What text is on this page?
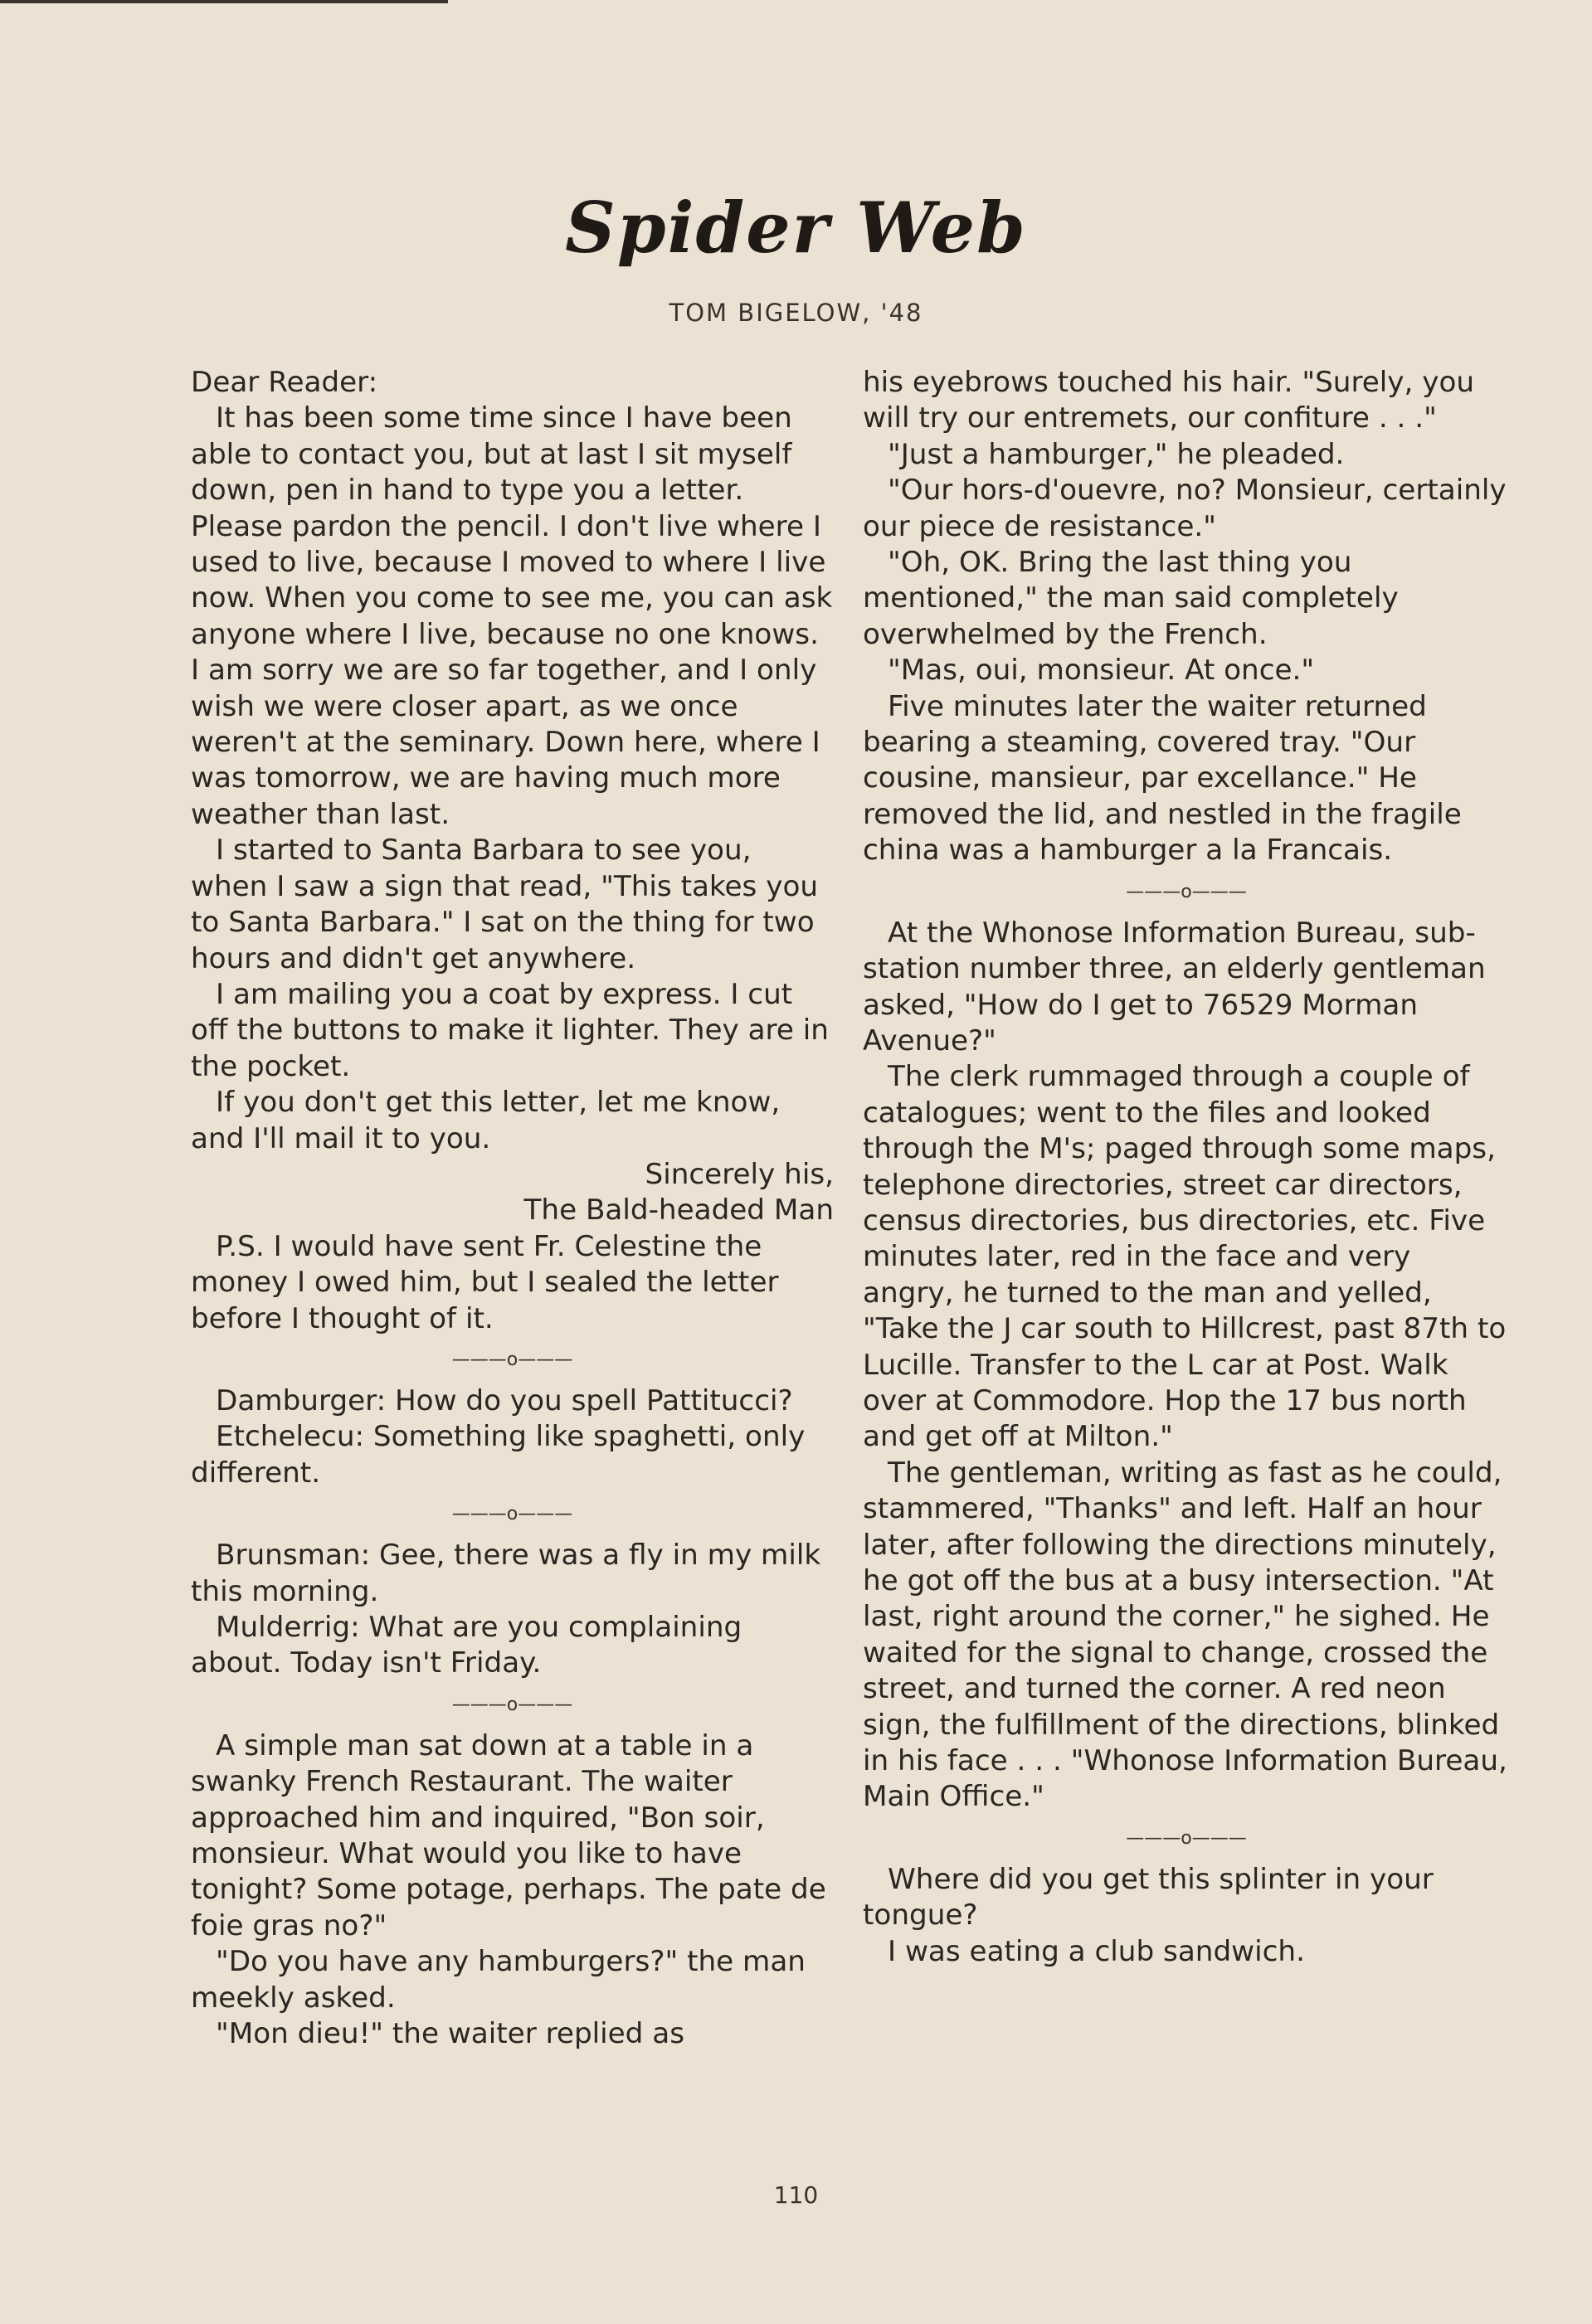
Spider Web
TOM BIGELOW, '48

Dear Reader:

It has been some time since I have been able to contact you, but at last I sit myself down, pen in hand to type you a letter. Please pardon the pencil. I don't live where I used to live, because I moved to where I live now. When you come to see me, you can ask anyone where I live, because no one knows. I am sorry we are so far together, and I only wish we were closer apart, as we once weren't at the seminary. Down here, where I was tomorrow, we are having much more weather than last.

I started to Santa Barbara to see you, when I saw a sign that read, "This takes you to Santa Barbara." I sat on the thing for two hours and didn't get anywhere.

I am mailing you a coat by express. I cut off the buttons to make it lighter. They are in the pocket.

If you don't get this letter, let me know, and I'll mail it to you.

Sincerely his,

The Bald-headed Man

P.S. I would have sent Fr. Celestine the money I owed him, but I sealed the letter before I thought of it.

———o———

Damburger: How do you spell Pattitucci?

Etchelecu: Something like spaghetti, only different.

———o———

Brunsman: Gee, there was a fly in my milk this morning.

Mulderrig: What are you complaining about. Today isn't Friday.

———o———

A simple man sat down at a table in a swanky French Restaurant. The waiter approached him and inquired, "Bon soir, monsieur. What would you like to have tonight? Some potage, perhaps. The pate de foie gras no?"

"Do you have any hamburgers?" the man meekly asked.

"Mon dieu!" the waiter replied as

his eyebrows touched his hair. "Surely, you will try our entremets, our confiture . . ."

"Just a hamburger," he pleaded.

"Our hors-d'ouevre, no? Monsieur, certainly our piece de resistance."

"Oh, OK. Bring the last thing you mentioned," the man said completely overwhelmed by the French.

"Mas, oui, monsieur. At once."

Five minutes later the waiter returned bearing a steaming, covered tray. "Our cousine, mansieur, par excellance." He removed the lid, and nestled in the fragile china was a hamburger a la Francais.

———o———

At the Whonose Information Bureau, sub-station number three, an elderly gentleman asked, "How do I get to 76529 Morman Avenue?"

The clerk rummaged through a couple of catalogues; went to the files and looked through the M's; paged through some maps, telephone directories, street car directors, census directories, bus directories, etc. Five minutes later, red in the face and very angry, he turned to the man and yelled, "Take the J car south to Hillcrest, past 87th to Lucille. Transfer to the L car at Post. Walk over at Commodore. Hop the 17 bus north and get off at Milton."

The gentleman, writing as fast as he could, stammered, "Thanks" and left. Half an hour later, after following the directions minutely, he got off the bus at a busy intersection. "At last, right around the corner," he sighed. He waited for the signal to change, crossed the street, and turned the corner. A red neon sign, the fulfillment of the directions, blinked in his face . . . "Whonose Information Bureau, Main Office."

———o———

Where did you get this splinter in your tongue?

I was eating a club sandwich.

110
